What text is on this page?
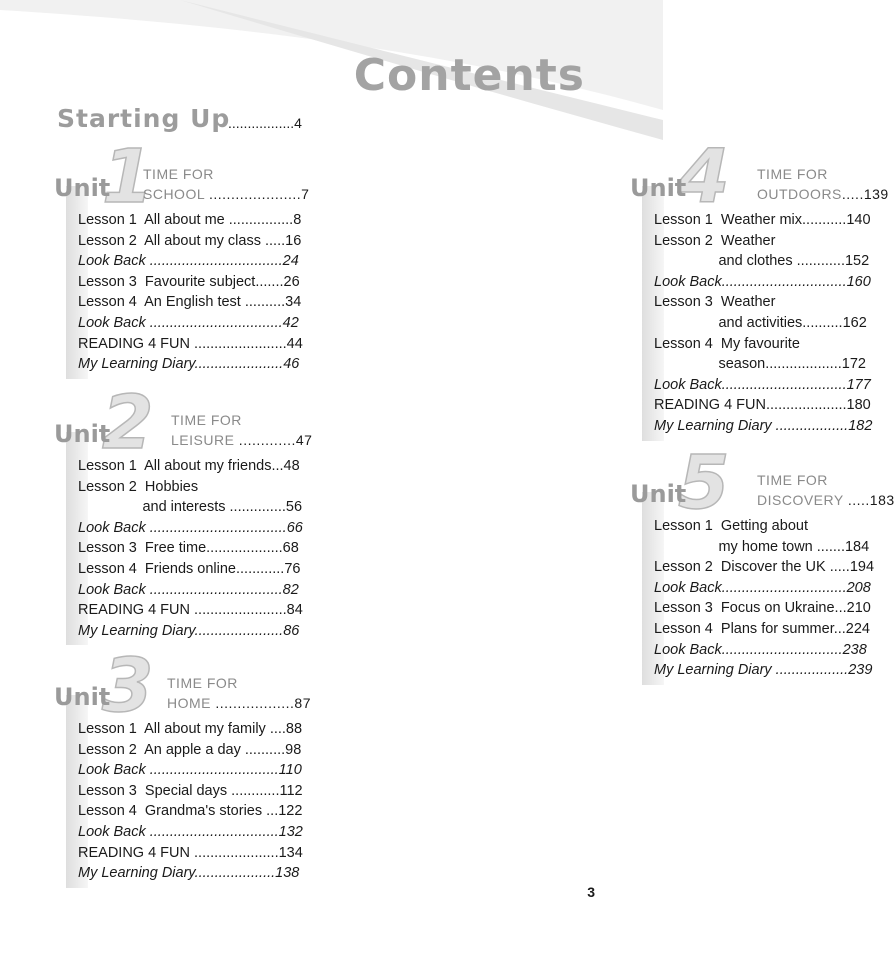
Contents
Starting Up
.................4
1
Unit TIME FOR
SCHOOL .....................7
Lesson 1  All about me ................8
Lesson 2  All about my class .....16
Look Back .................................24
Lesson 3  Favourite subject.......26
Lesson 4  An English test ..........34
Look Back .................................42
READING 4 FUN .......................44
My Learning Diary......................46
2
Unit	TIME FOR
LEISURE .............47
Lesson 1  All about my friends...48
Lesson 2  Hobbies
and interests ..............56
Look Back ..................................66
Lesson 3  Free time...................68
Lesson 4  Friends online............76
Look Back .................................82
READING 4 FUN .......................84
My Learning Diary......................86
3
Unit	TIME FOR
HOME ..................87
Lesson 1  All about my family ....88
Lesson 2  An apple a day ..........98
Look Back ................................110
Lesson 3  Special days ............112
Lesson 4  Grandma's stories ...122
Look Back ................................132
READING 4 FUN .....................134
My Learning Diary....................138
4
Unit	TIME FOR
OUTDOORS.....139
Lesson 1  Weather mix...........140
Lesson 2  Weather
and clothes ............152
Look Back...............................160
Lesson 3  Weather
and activities..........162
Lesson 4  My favourite
season...................172
Look Back...............................177
READING 4 FUN....................180
My Learning Diary ..................182
5
Unit	TIME FOR
DISCOVERY .....183
Lesson 1  Getting about
my home town .......184
Lesson 2  Discover the UK .....194
Look Back...............................208
Lesson 3  Focus on Ukraine...210
Lesson 4  Plans for summer...224
Look Back..............................238
My Learning Diary ..................239
3
